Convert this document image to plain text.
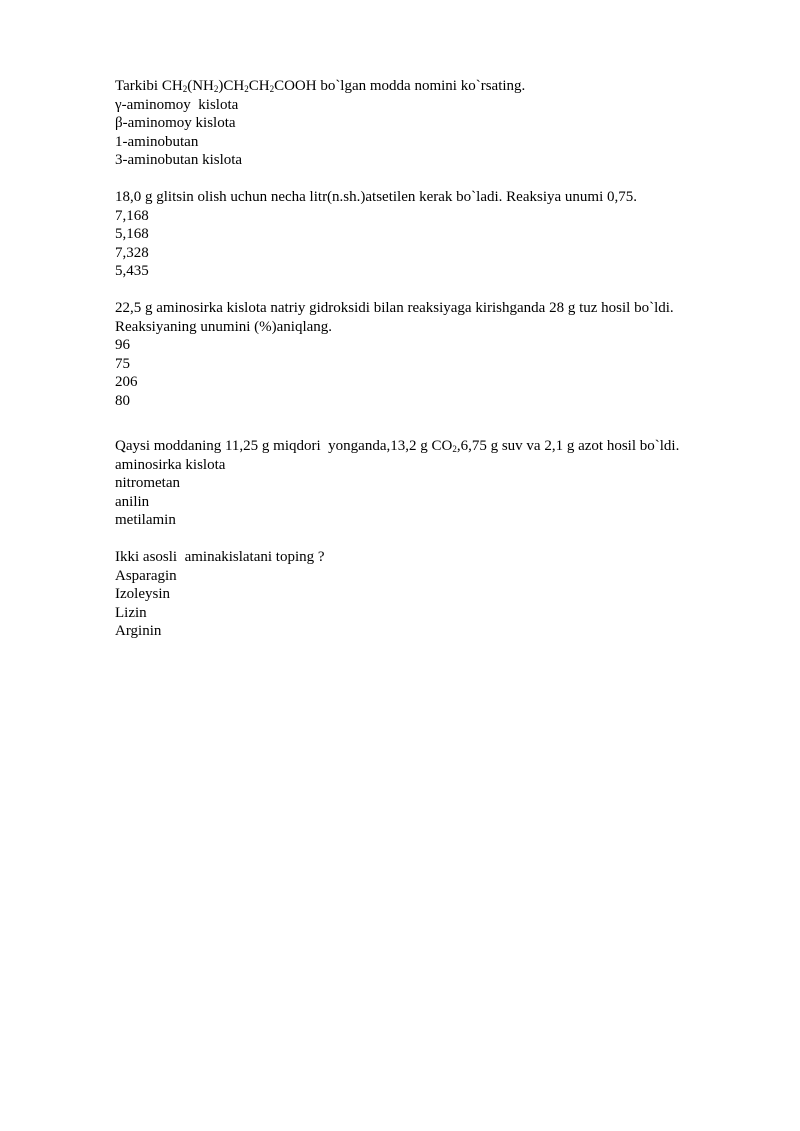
Tarkibi $CH_2(NH_2)CH_2CH_2COOH$ bo`lgan modda nomini ko`rsating.

γ-aminomoy  kislota

β-aminomoy kislota

1-aminobutan

3-aminobutan kislota

18,0 g glitsin olish uchun necha litr(n.sh.)atsetilen kerak bo`ladi. Reaksiya unumi 0,75.

7,168

5,168

7,328

5,435

22,5 g aminosirka kislota natriy gidroksidi bilan reaksiyaga kirishganda 28 g tuz hosil bo`ldi.

Reaksiyaning unumini (%)aniqlang.

96

75

206

80

Qaysi moddaning 11,25 g miqdori  yonganda,13,2 g $CO_2,6,75$ g suv va 2,1 g azot hosil bo`ldi.

aminosirka kislota

nitrometan

anilin

metilamin

Ikki asosli  aminakislatani toping ?

Asparagin

Izoleysin

Lizin

Arginin
